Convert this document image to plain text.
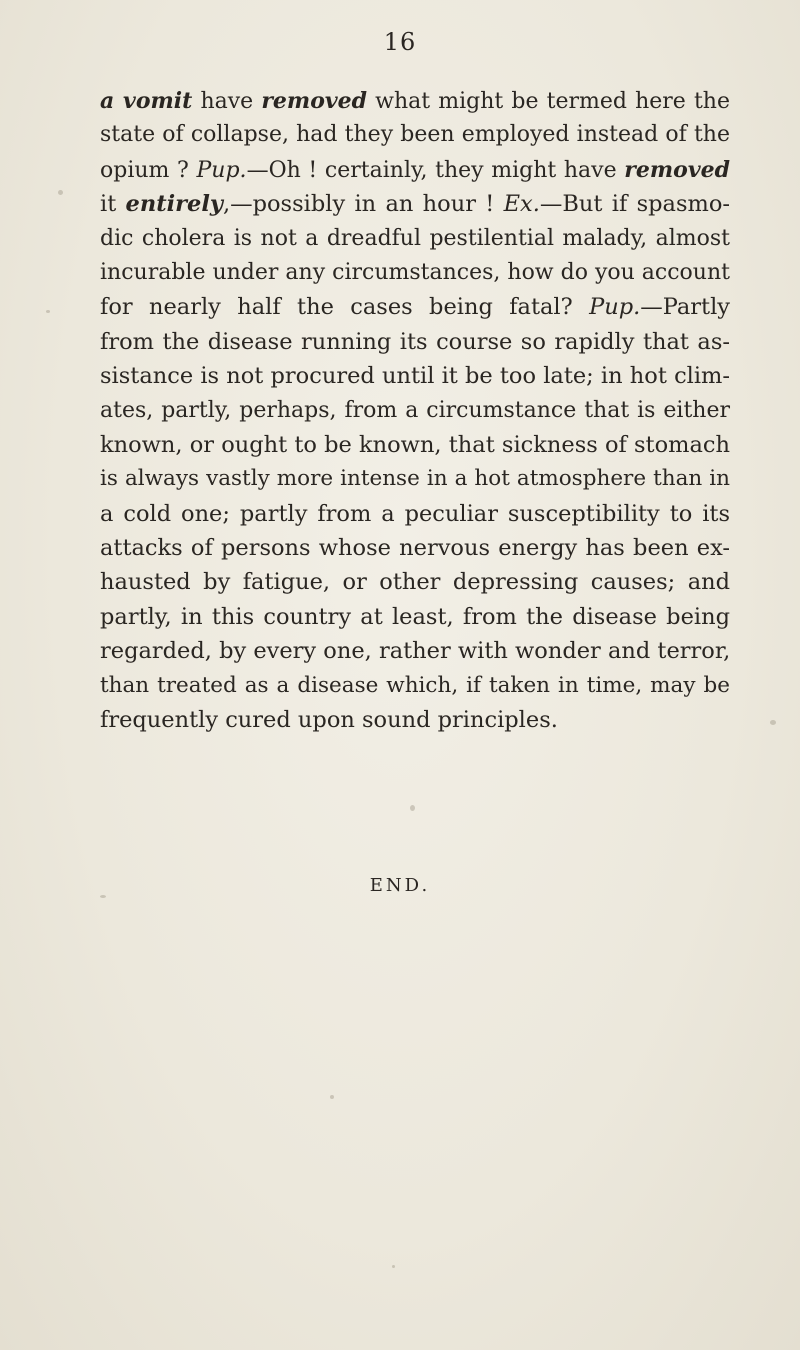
16
a vomit have removed what might be termed here the
state of collapse, had they been employed instead of the
opium ? Pup.—Oh ! certainly, they might have removed
it entirely,—possibly in an hour ! Ex.—But if spasmo-
dic cholera is not a dreadful pestilential malady, almost
incurable under any circumstances, how do you account
for nearly half the cases being fatal? Pup.—Partly
from the disease running its course so rapidly that as-
sistance is not procured until it be too late; in hot clim-
ates, partly, perhaps, from a circumstance that is either
known, or ought to be known, that sickness of stomach
is always vastly more intense in a hot atmosphere than in
a cold one; partly from a peculiar susceptibility to its
attacks of persons whose nervous energy has been ex-
hausted by fatigue, or other depressing causes; and
partly, in this country at least, from the disease being
regarded, by every one, rather with wonder and terror,
than treated as a disease which, if taken in time, may be
frequently cured upon sound principles.
END.
